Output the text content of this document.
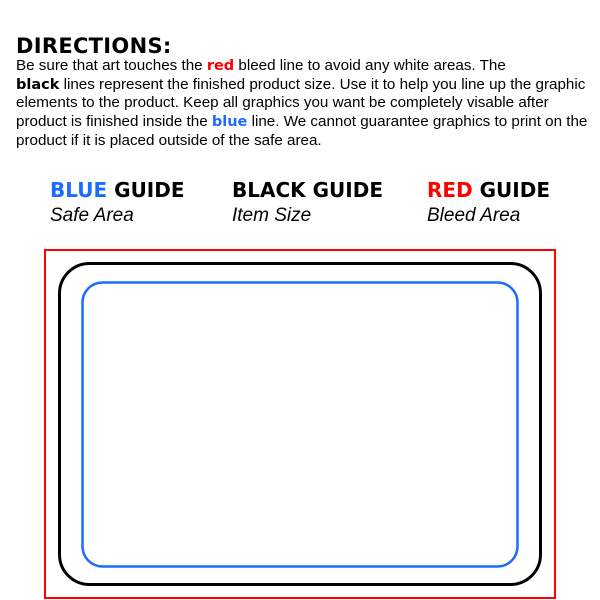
DIRECTIONS:
Be sure that art touches the red bleed line to avoid any white areas. The
black lines represent the finished product size. Use it to help you line up the graphic elements to the product. Keep all graphics you want be completely visable after product is finished inside the blue line. We cannot guarantee graphics to print on the product if it is placed outside of the safe area.
BLUE GUIDE
Safe Area
BLACK GUIDE
Item Size
RED GUIDE
Bleed Area
